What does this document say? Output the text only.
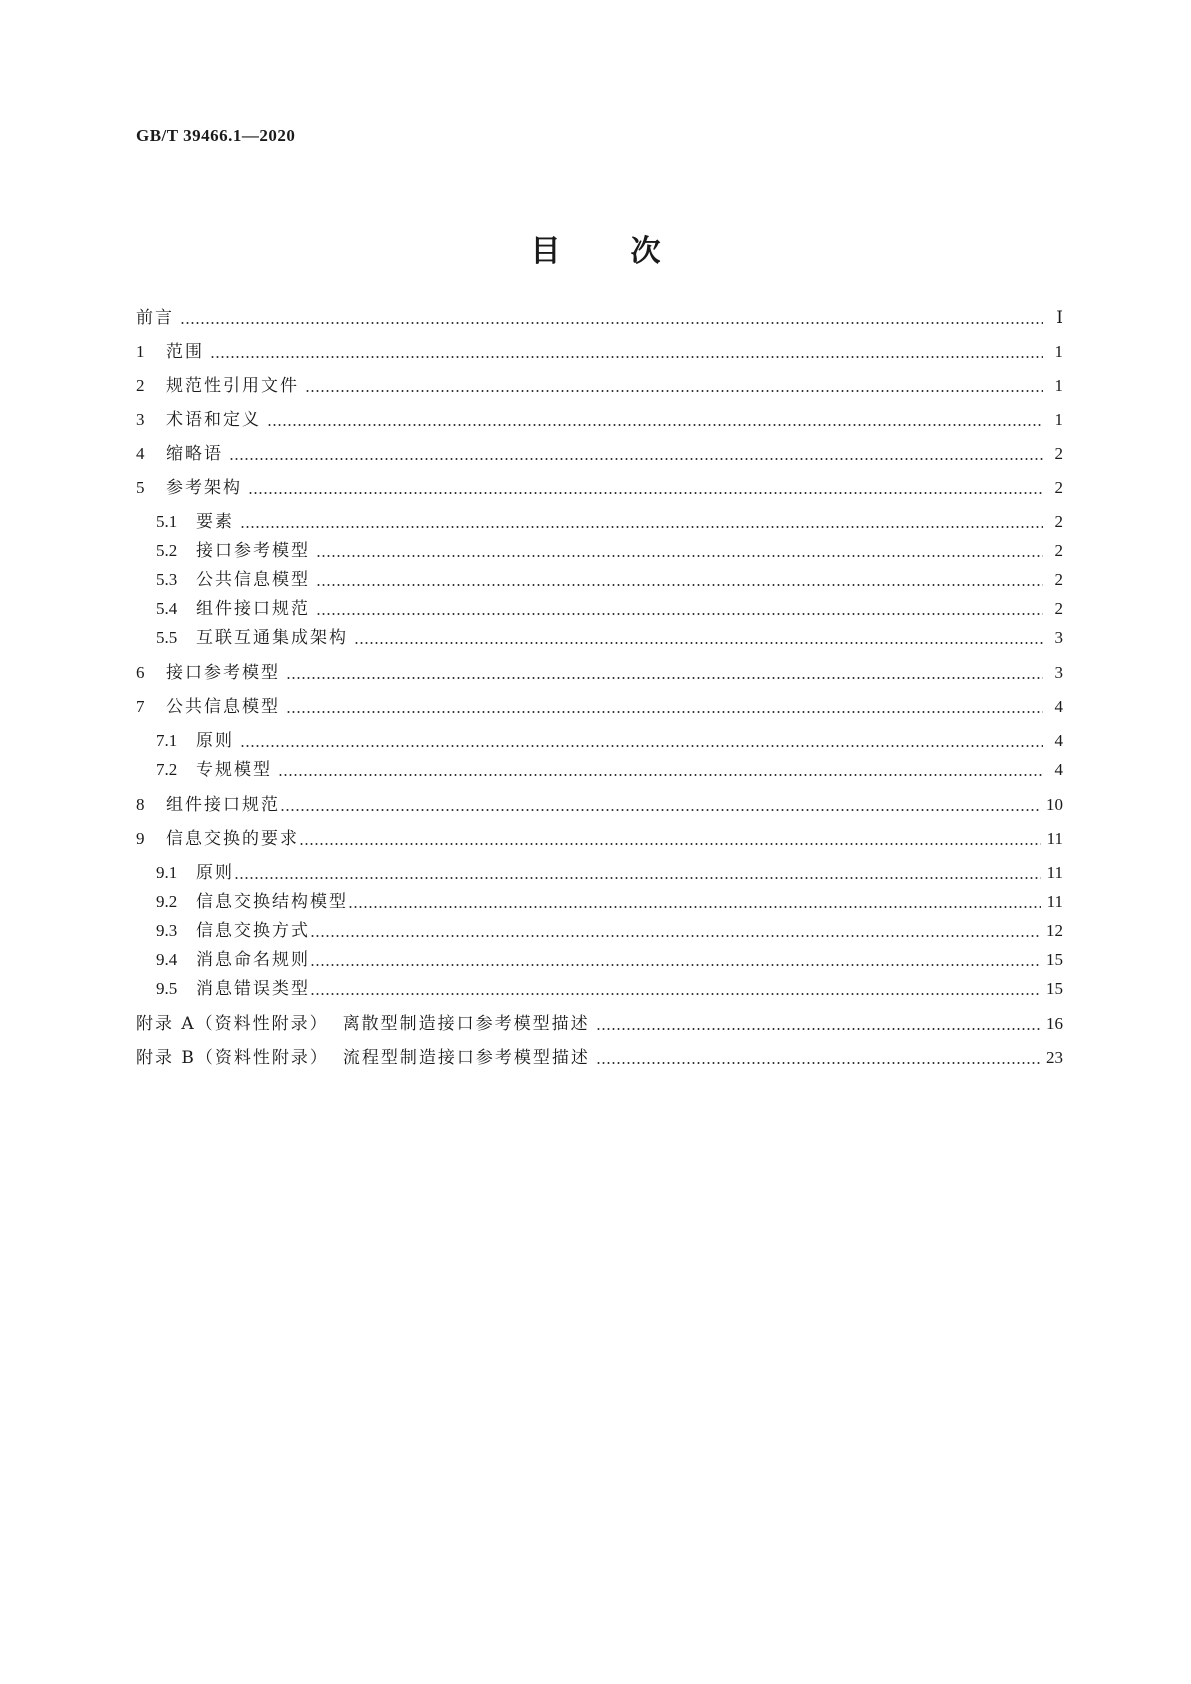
GB/T 39466.1—2020
目次
前言	Ⅰ
1	范围	1
2	规范性引用文件	1
3	术语和定义	1
4	缩略语	2
5	参考架构	2
5.1	要素	2
5.2	接口参考模型	2
5.3	公共信息模型	2
5.4	组件接口规范	2
5.5	互联互通集成架构	3
6	接口参考模型	3
7	公共信息模型	4
7.1	原则	4
7.2	专规模型	4
8	组件接口规范	10
9	信息交换的要求	11
9.1	原则	11
9.2	信息交换结构模型	11
9.3	信息交换方式	12
9.4	消息命名规则	15
9.5	消息错误类型	15
附录 A（资料性附录） 离散型制造接口参考模型描述	16
附录 B（资料性附录） 流程型制造接口参考模型描述	23
